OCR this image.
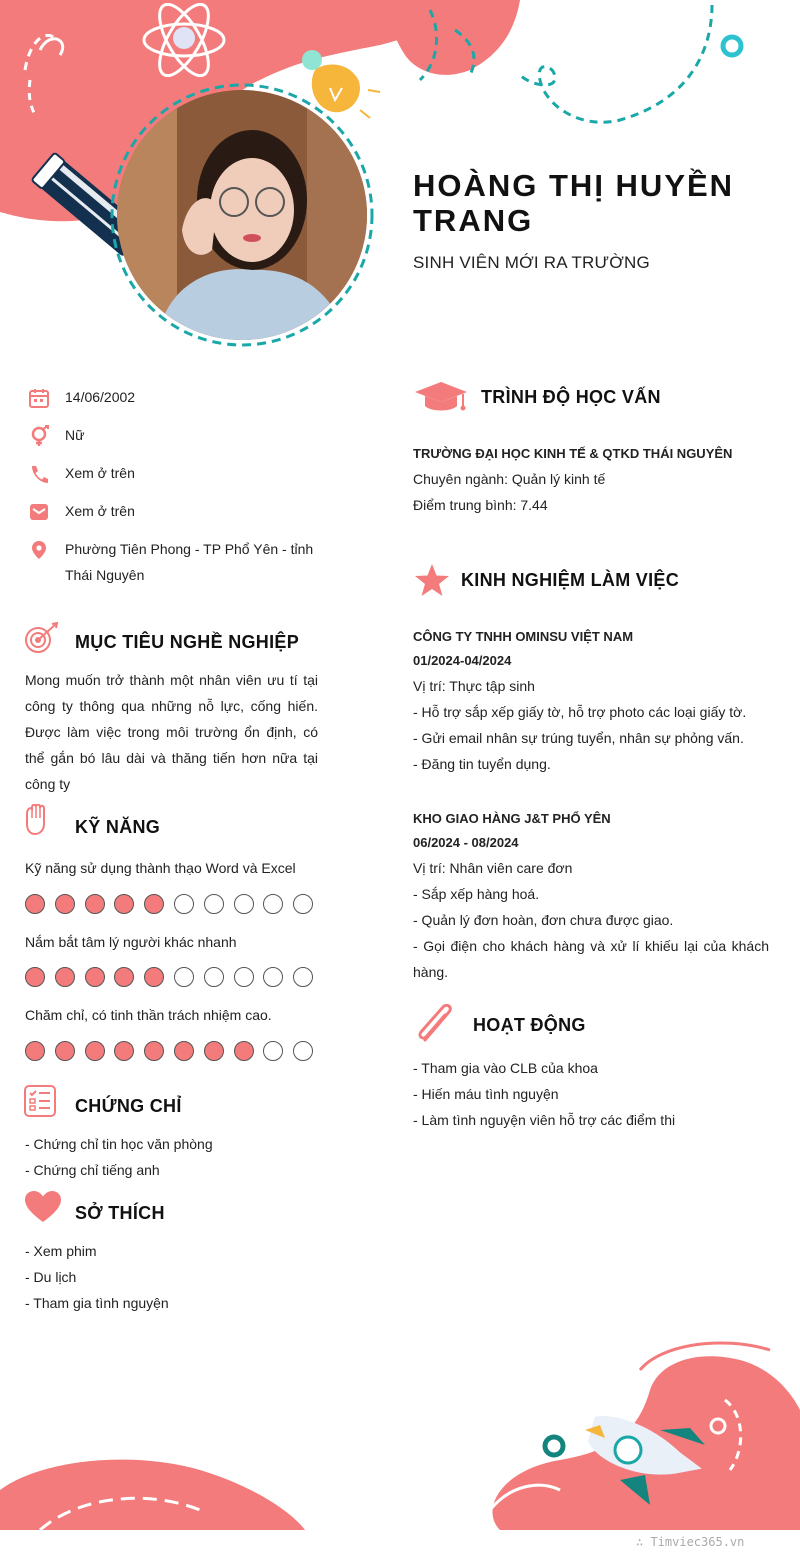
HOÀNG THỊ HUYỀN TRANG
SINH VIÊN MỚI RA TRƯỜNG
14/06/2002
Nữ
Xem ở trên
Xem ở trên
Phường Tiên Phong - TP Phổ Yên - tỉnh Thái Nguyên
MỤC TIÊU NGHỀ NGHIỆP
Mong muốn trở thành một nhân viên ưu tí tại công ty thông qua những nỗ lực, cống hiến. Được làm việc trong môi trường ổn định, có thể gắn bó lâu dài và thăng tiến hơn nữa tại công ty
KỸ NĂNG
Kỹ năng sử dụng thành thạo Word và Excel
Nắm bắt tâm lý người khác nhanh
Chăm chỉ, có tinh thần trách nhiệm cao.
CHỨNG CHỈ
- Chứng chỉ tin học văn phòng
- Chứng chỉ tiếng anh
SỞ THÍCH
- Xem phim
- Du lịch
- Tham gia tình nguyện
TRÌNH ĐỘ HỌC VẤN
TRƯỜNG ĐẠI HỌC KINH TẾ & QTKD THÁI NGUYÊN
Chuyên ngành: Quản lý kinh tế
Điểm trung bình: 7.44
KINH NGHIỆM LÀM VIỆC
CÔNG TY TNHH OMINSU VIỆT NAM
01/2024-04/2024
Vị trí: Thực tập sinh
- Hỗ trợ sắp xếp giấy tờ, hỗ trợ photo các loại giấy tờ.
- Gửi email nhân sự trúng tuyển, nhân sự phỏng vấn.
- Đăng tin tuyển dụng.
KHO GIAO HÀNG J&T PHỔ YÊN
06/2024 - 08/2024
Vị trí: Nhân viên care đơn
- Sắp xếp hàng hoá.
- Quản lý đơn hoàn, đơn chưa được giao.
- Gọi điện cho khách hàng và xử lí khiếu lại của khách hàng.
HOẠT ĐỘNG
- Tham gia vào CLB của khoa
- Hiến máu tình nguyện
- Làm tình nguyện viên hỗ trợ các điểm thi
∴ Timviec365.vn
